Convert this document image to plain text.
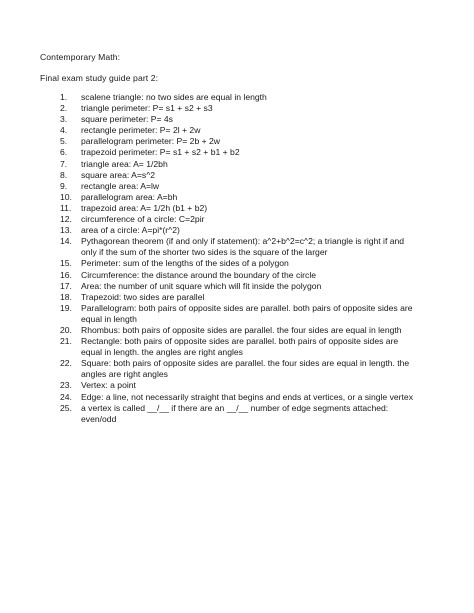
Contemporary Math:
Final exam study guide part 2:
1.	scalene triangle: no two sides are equal in length
2.	triangle perimeter: P= s1 + s2 + s3
3.	square perimeter: P= 4s
4.	rectangle perimeter: P= 2l + 2w
5.	parallelogram perimeter: P= 2b + 2w
6.	trapezoid perimeter: P= s1 + s2 + b1 + b2
7.	triangle area: A= 1/2bh
8.	square area: A=s^2
9.	rectangle area: A=lw
10.	parallelogram area: A=bh
11.	trapezoid area: A= 1/2h (b1 + b2)
12.	circumference of a circle: C=2pir
13.	area of a circle: A=pi*(r^2)
14.	Pythagorean theorem (if and only if statement): a^2+b^2=c^2; a triangle is right if and only if the sum of the shorter two sides is the square of the larger
15.	Perimeter: sum of the lengths of the sides of a polygon
16.	Circumference: the distance around the boundary of the circle
17.	Area: the number of unit square which will fit inside the polygon
18.	Trapezoid: two sides are parallel
19.	Parallelogram: both pairs of opposite sides are parallel. both pairs of opposite sides are equal in length
20.	Rhombus: both pairs of opposite sides are parallel. the four sides are equal in length
21.	Rectangle: both pairs of opposite sides are parallel. both pairs of opposite sides are equal in length. the angles are right angles
22.	Square: both pairs of opposite sides are parallel. the four sides are equal in length. the angles are right angles
23.	Vertex: a point
24.	Edge: a line, not necessarily straight that begins and ends at vertices, or a single vertex
25.	a vertex is called __/__ if there are an __/__ number of edge segments attached: even/odd
